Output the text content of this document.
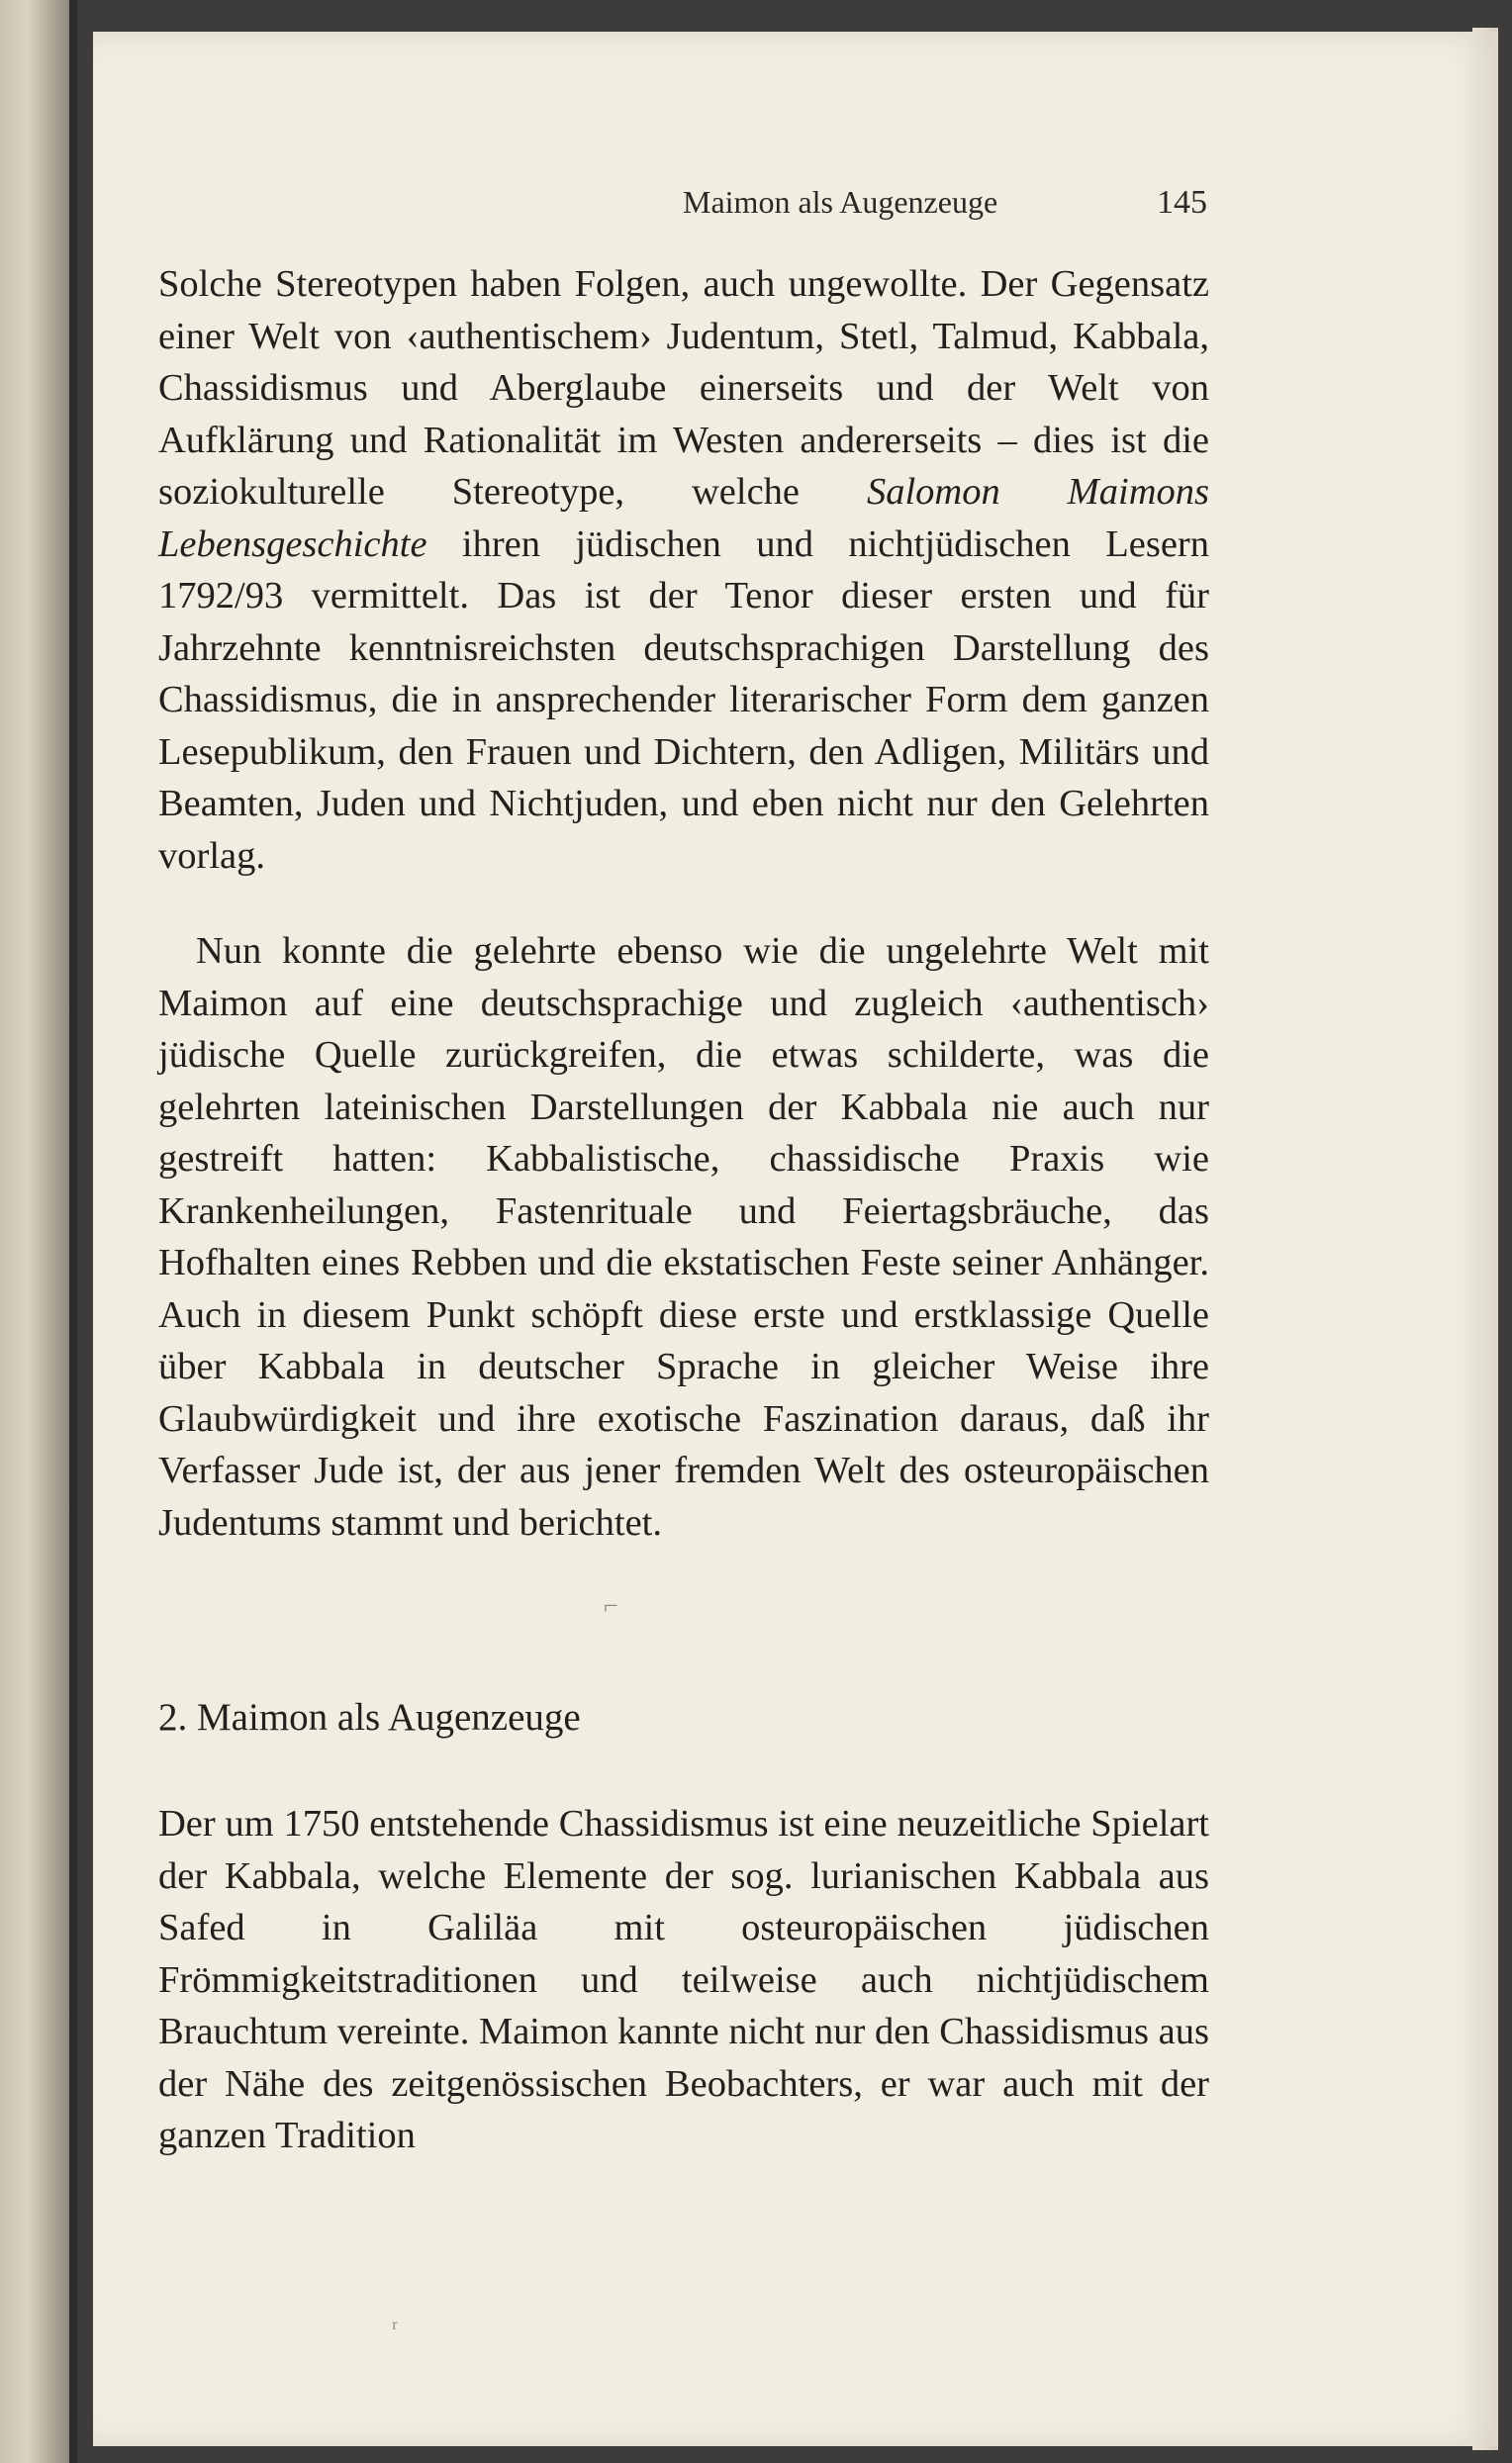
Maimon als Augenzeuge	145

Solche Stereotypen haben Folgen, auch ungewollte. Der Gegensatz einer Welt von ‹authentischem› Judentum, Stetl, Talmud, Kabbala, Chassidismus und Aberglaube einerseits und der Welt von Aufklärung und Rationalität im Westen andererseits – dies ist die soziokulturelle Stereotype, welche Salomon Maimons Lebensgeschichte ihren jüdischen und nichtjüdischen Lesern 1792/93 vermittelt. Das ist der Tenor dieser ersten und für Jahrzehnte kenntnisreichsten deutschsprachigen Darstellung des Chassidismus, die in ansprechender literarischer Form dem ganzen Lesepublikum, den Frauen und Dichtern, den Adligen, Militärs und Beamten, Juden und Nichtjuden, und eben nicht nur den Gelehrten vorlag.

Nun konnte die gelehrte ebenso wie die ungelehrte Welt mit Maimon auf eine deutschsprachige und zugleich ‹authentisch› jüdische Quelle zurückgreifen, die etwas schilderte, was die gelehrten lateinischen Darstellungen der Kabbala nie auch nur gestreift hatten: Kabbalistische, chassidische Praxis wie Krankenheilungen, Fastenrituale und Feiertagsbräuche, das Hofhalten eines Rebben und die ekstatischen Feste seiner Anhänger. Auch in diesem Punkt schöpft diese erste und erstklassige Quelle über Kabbala in deutscher Sprache in gleicher Weise ihre Glaubwürdigkeit und ihre exotische Faszination daraus, daß ihr Verfasser Jude ist, der aus jener fremden Welt des osteuropäischen Judentums stammt und berichtet.

2. Maimon als Augenzeuge

Der um 1750 entstehende Chassidismus ist eine neuzeitliche Spielart der Kabbala, welche Elemente der sog. lurianischen Kabbala aus Safed in Galiläa mit osteuropäischen jüdischen Frömmigkeitstraditionen und teilweise auch nichtjüdischem Brauchtum vereinte. Maimon kannte nicht nur den Chassidismus aus der Nähe des zeitgenössischen Beobachters, er war auch mit der ganzen Tradition

⌐
ʳ
